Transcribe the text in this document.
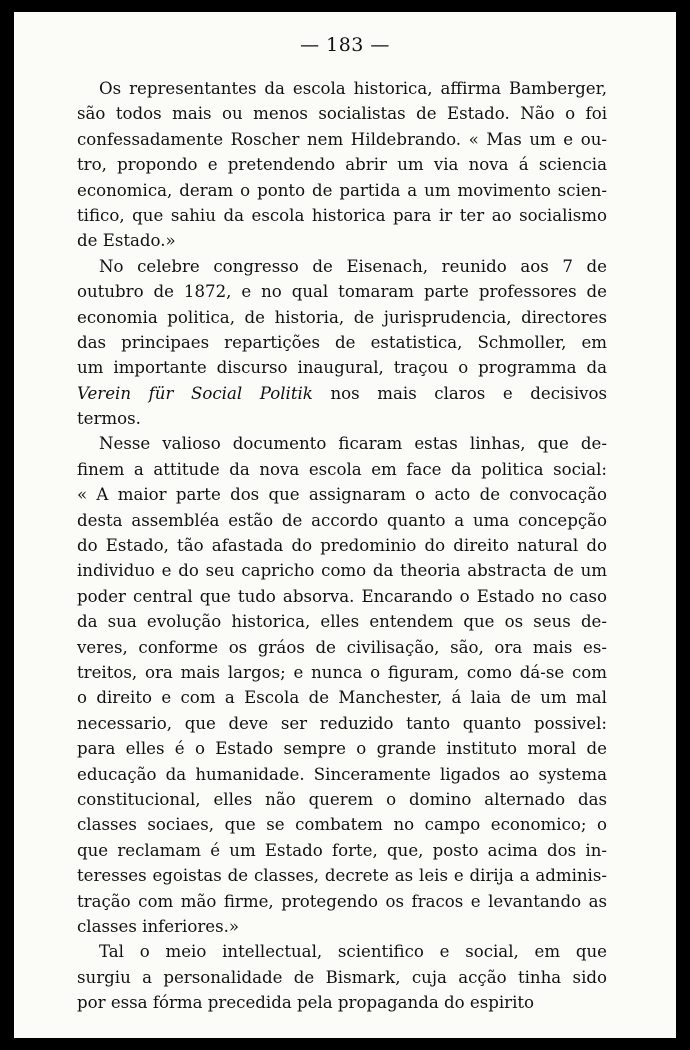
— 183 —
Os representantes da escola historica, affirma Bamberger,
são todos mais ou menos socialistas de Estado. Não o foi
confessadamente Roscher nem Hildebrando. « Mas um e ou-
tro, propondo e pretendendo abrir um via nova á sciencia
economica, deram o ponto de partida a um movimento scien-
tifico, que sahiu da escola historica para ir ter ao socialismo
de Estado.»
No celebre congresso de Eisenach, reunido aos 7 de
outubro de 1872, e no qual tomaram parte professores de
economia politica, de historia, de jurisprudencia, directores
das principaes repartições de estatistica, Schmoller, em
um importante discurso inaugural, traçou o programma da
Verein für Social Politik nos mais claros e decisivos
termos.
Nesse valioso documento ficaram estas linhas, que de-
finem a attitude da nova escola em face da politica social:
« A maior parte dos que assignaram o acto de convocação
desta assembléa estão de accordo quanto a uma concepção
do Estado, tão afastada do predominio do direito natural do
individuo e do seu capricho como da theoria abstracta de um
poder central que tudo absorva. Encarando o Estado no caso
da sua evolução historica, elles entendem que os seus de-
veres, conforme os gráos de civilisação, são, ora mais es-
treitos, ora mais largos; e nunca o figuram, como dá-se com
o direito e com a Escola de Manchester, á laia de um mal
necessario, que deve ser reduzido tanto quanto possivel:
para elles é o Estado sempre o grande instituto moral de
educação da humanidade. Sinceramente ligados ao systema
constitucional, elles não querem o domino alternado das
classes sociaes, que se combatem no campo economico; o
que reclamam é um Estado forte, que, posto acima dos in-
teresses egoistas de classes, decrete as leis e dirija a adminis-
tração com mão firme, protegendo os fracos e levantando as
classes inferiores.»
Tal o meio intellectual, scientifico e social, em que
surgiu a personalidade de Bismark, cuja acção tinha sido
por essa fórma precedida pela propaganda do espirito
